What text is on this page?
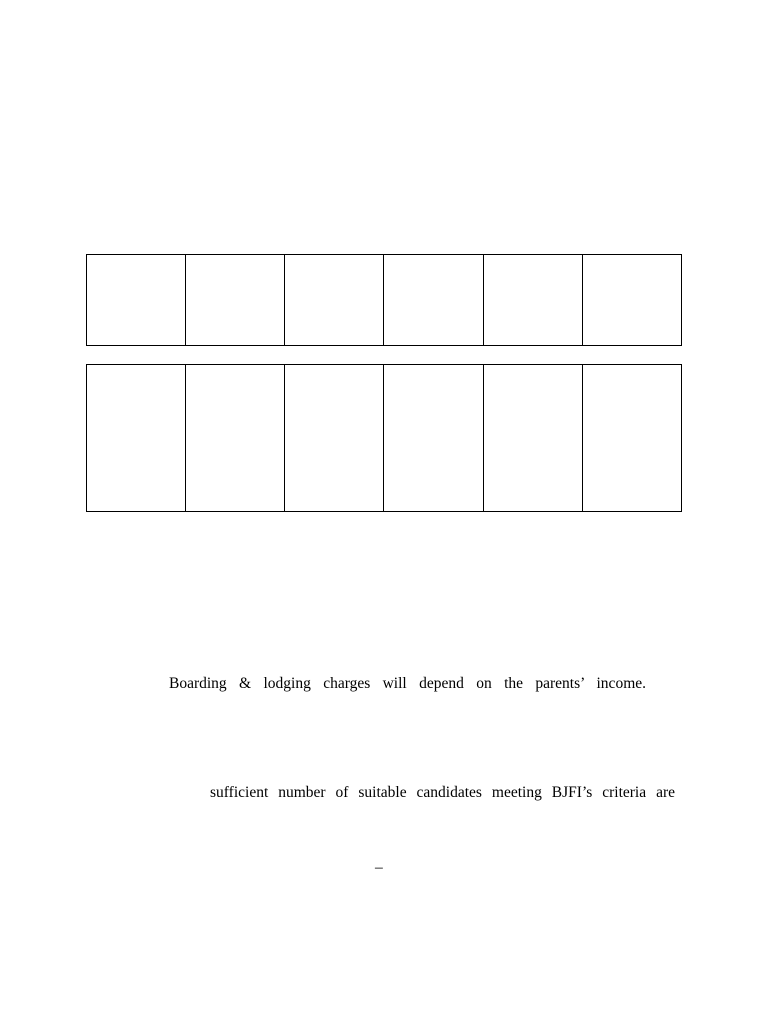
Boarding & lodging charges will depend on the parents’ income.
sufficient number of suitable candidates meeting BJFI’s criteria are
–
